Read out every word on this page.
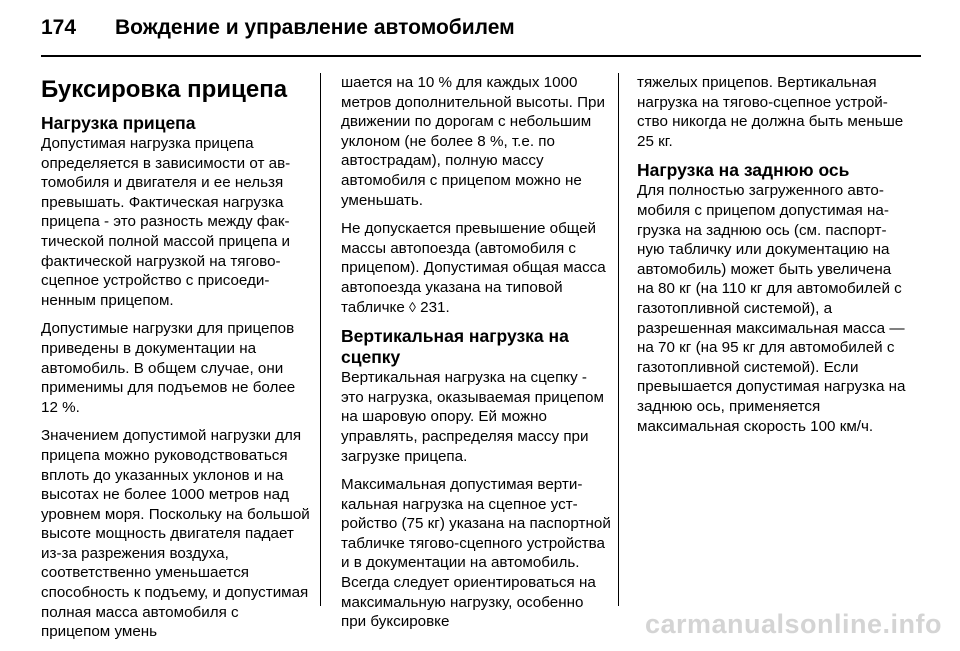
174	Вождение и управление автомобилем
Буксировка прицепа
Нагрузка прицепа

Допустимая нагрузка прицепа определяется в зависимости от автомобиля и двигателя и ее нельзя превышать. Фактическая нагрузка прицепа - это разность между фактической полной массой прицепа и фактической нагрузкой на тягово-сцепное устройство с присоединенным прицепом.

Допустимые нагрузки для прицепов приведены в документации на автомобиль. В общем случае, они применимы для подъемов не более 12 %.

Значением допустимой нагрузки для прицепа можно руководствоваться вплоть до указанных уклонов и на высотах не более 1000 метров над уровнем моря. Поскольку на большой высоте мощность двигателя падает из-за разрежения воздуха, соответственно уменьшается способность к подъему, и допустимая полная масса автомобиля с прицепом умень

шается на 10 % для каждых 1000 метров дополнительной высоты. При движении по дорогам с небольшим уклоном (не более 8 %, т.е. по автострадам), полную массу автомобиля с прицепом можно не уменьшать.

Не допускается превышение общей массы автопоезда (автомобиля с прицепом). Допустимая общая масса автопоезда указана на типовой табличке ◊ 231.

Вертикальная нагрузка на сцепку

Вертикальная нагрузка на сцепку - это нагрузка, оказываемая прицепом на шаровую опору. Ей можно управлять, распределяя массу при загрузке прицепа.

Максимальная допустимая вертикальная нагрузка на сцепное устройство (75 кг) указана на паспортной табличке тягово-сцепного устройства и в документации на автомобиль. Всегда следует ориентироваться на максимальную нагрузку, особенно при буксировке

тяжелых прицепов. Вертикальная нагрузка на тягово-сцепное устройство никогда не должна быть меньше 25 кг.

Нагрузка на заднюю ось

Для полностью загруженного автомобиля с прицепом допустимая нагрузка на заднюю ось (см. паспортную табличку или документацию на автомобиль) может быть увеличена на 80 кг (на 110 кг для автомобилей с газотопливной системой), а разрешенная максимальная масса — на 70 кг (на 95 кг для автомобилей с газотопливной системой). Если превышается допустимая нагрузка на заднюю ось, применяется максимальная скорость 100 км/ч.

carmanualsonline.info
